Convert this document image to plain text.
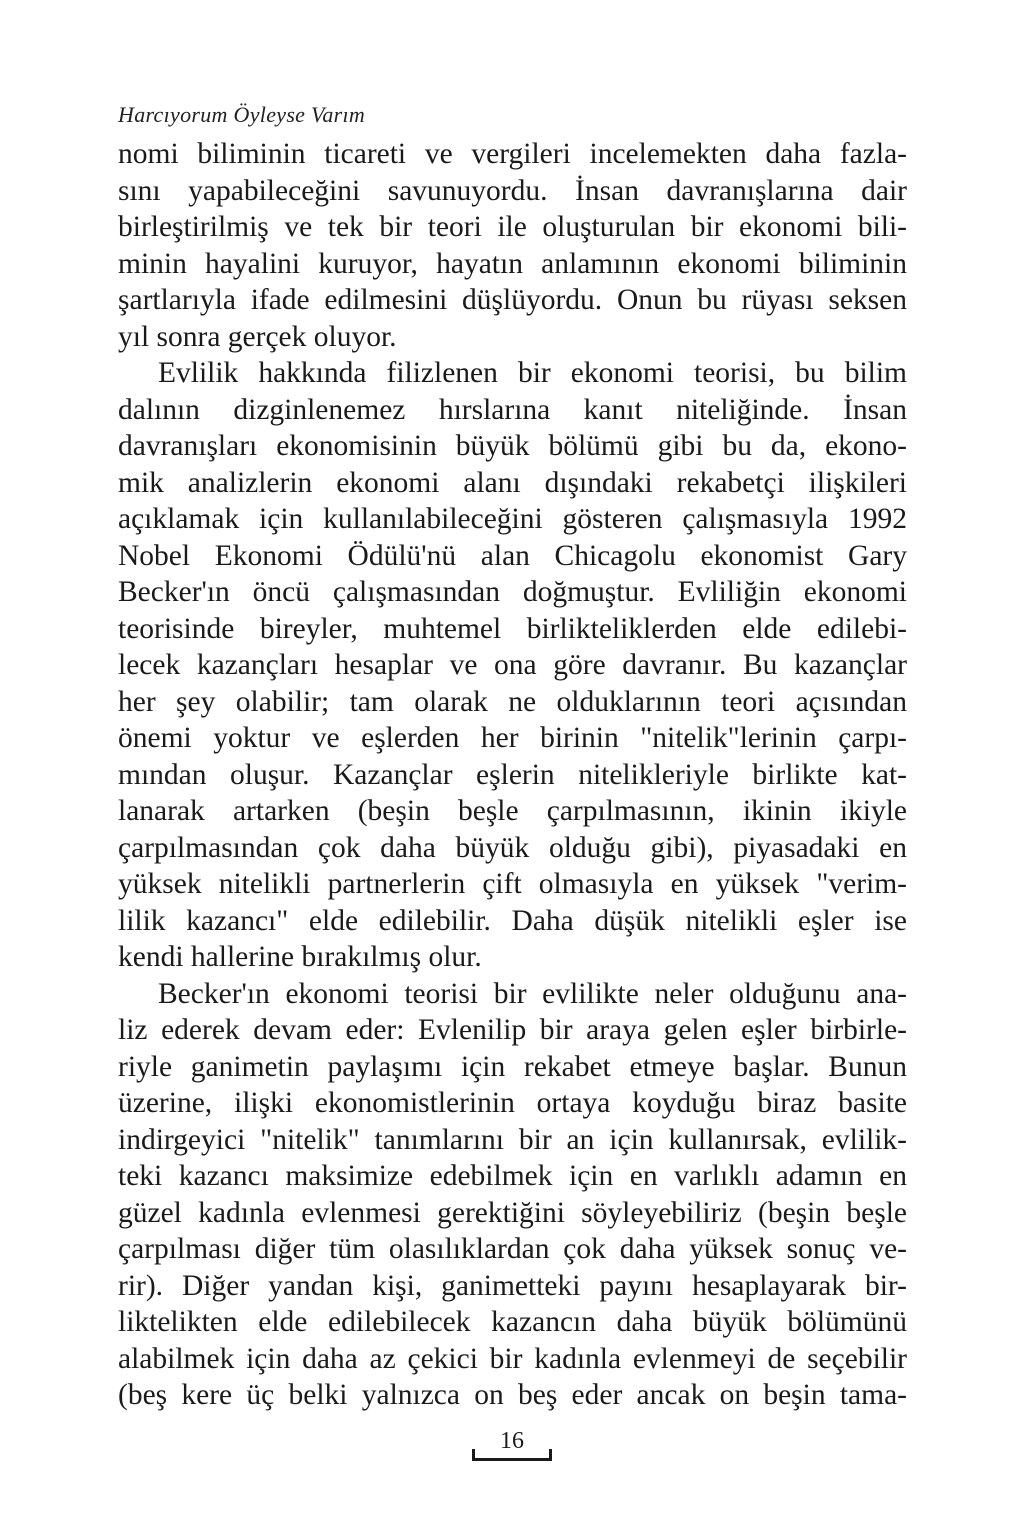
Harcıyorum Öyleyse Varım

nomi biliminin ticareti ve vergileri incelemekten daha fazla-
sını yapabileceğini savunuyordu. İnsan davranışlarına dair
birleştirilmiş ve tek bir teori ile oluşturulan bir ekonomi bili-
minin hayalini kuruyor, hayatın anlamının ekonomi biliminin
şartlarıyla ifade edilmesini düşlüyordu. Onun bu rüyası seksen
yıl sonra gerçek oluyor.

Evlilik hakkında filizlenen bir ekonomi teorisi, bu bilim
dalının dizginlenemez hırslarına kanıt niteliğinde. İnsan
davranışları ekonomisinin büyük bölümü gibi bu da, ekono-
mik analizlerin ekonomi alanı dışındaki rekabetçi ilişkileri
açıklamak için kullanılabileceğini gösteren çalışmasıyla 1992
Nobel Ekonomi Ödülü'nü alan Chicagolu ekonomist Gary
Becker'ın öncü çalışmasından doğmuştur. Evliliğin ekonomi
teorisinde bireyler, muhtemel birlikteliklerden elde edilebi-
lecek kazançları hesaplar ve ona göre davranır. Bu kazançlar
her şey olabilir; tam olarak ne olduklarının teori açısından
önemi yoktur ve eşlerden her birinin "nitelik"lerinin çarpı-
mından oluşur. Kazançlar eşlerin nitelikleriyle birlikte kat-
lanarak artarken (beşin beşle çarpılmasının, ikinin ikiyle
çarpılmasından çok daha büyük olduğu gibi), piyasadaki en
yüksek nitelikli partnerlerin çift olmasıyla en yüksek "verim-
lilik kazancı" elde edilebilir. Daha düşük nitelikli eşler ise
kendi hallerine bırakılmış olur.

Becker'ın ekonomi teorisi bir evlilikte neler olduğunu ana-
liz ederek devam eder: Evlenilip bir araya gelen eşler birbirle-
riyle ganimetin paylaşımı için rekabet etmeye başlar. Bunun
üzerine, ilişki ekonomistlerinin ortaya koyduğu biraz basite
indirgeyici "nitelik" tanımlarını bir an için kullanırsak, evlilik-
teki kazancı maksimize edebilmek için en varlıklı adamın en
güzel kadınla evlenmesi gerektiğini söyleyebiliriz (beşin beşle
çarpılması diğer tüm olasılıklardan çok daha yüksek sonuç ve-
rir). Diğer yandan kişi, ganimetteki payını hesaplayarak bir-
liktelikten elde edilebilecek kazancın daha büyük bölümünü
alabilmek için daha az çekici bir kadınla evlenmeyi de seçebilir
(beş kere üç belki yalnızca on beş eder ancak on beşin tama-

16
